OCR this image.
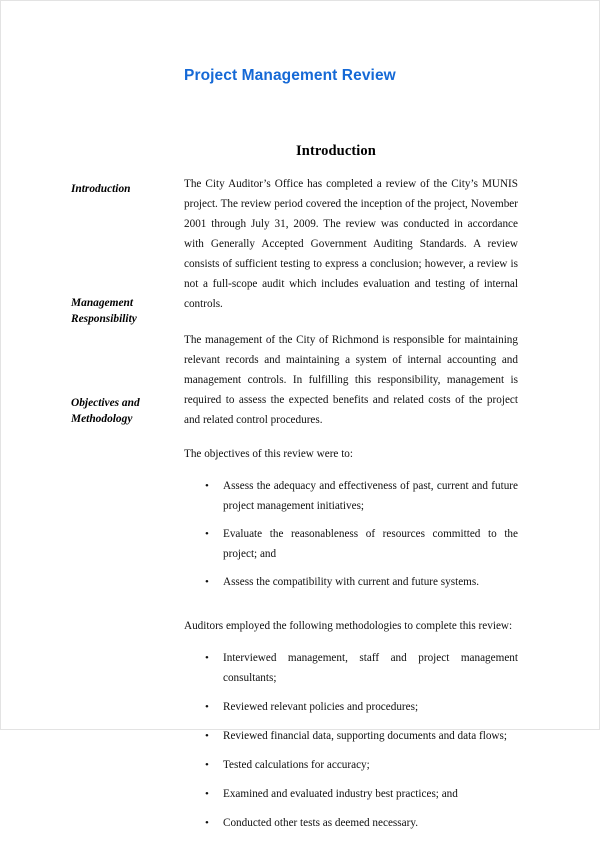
Project Management Review
Introduction
Management
Responsibility
Objectives and
Methodology
Introduction

The City Auditor’s Office has completed a review of the City’s MUNIS project. The review period covered the inception of the project, November 2001 through July 31, 2009. The review was conducted in accordance with Generally Accepted Government Auditing Standards. A review consists of sufficient testing to express a conclusion; however, a review is not a full-scope audit which includes evaluation and testing of internal controls.

The management of the City of Richmond is responsible for maintaining relevant records and maintaining a system of internal accounting and management controls. In fulfilling this responsibility, management is required to assess the expected benefits and related costs of the project and related control procedures.

The objectives of this review were to:

• Assess the adequacy and effectiveness of past, current and future project management initiatives;
• Evaluate the reasonableness of resources committed to the project; and
• Assess the compatibility with current and future systems.

Auditors employed the following methodologies to complete this review:

• Interviewed management, staff and project management consultants;
• Reviewed relevant policies and procedures;
• Reviewed financial data, supporting documents and data flows;
• Tested calculations for accuracy;
• Examined and evaluated industry best practices; and
• Conducted other tests as deemed necessary.
